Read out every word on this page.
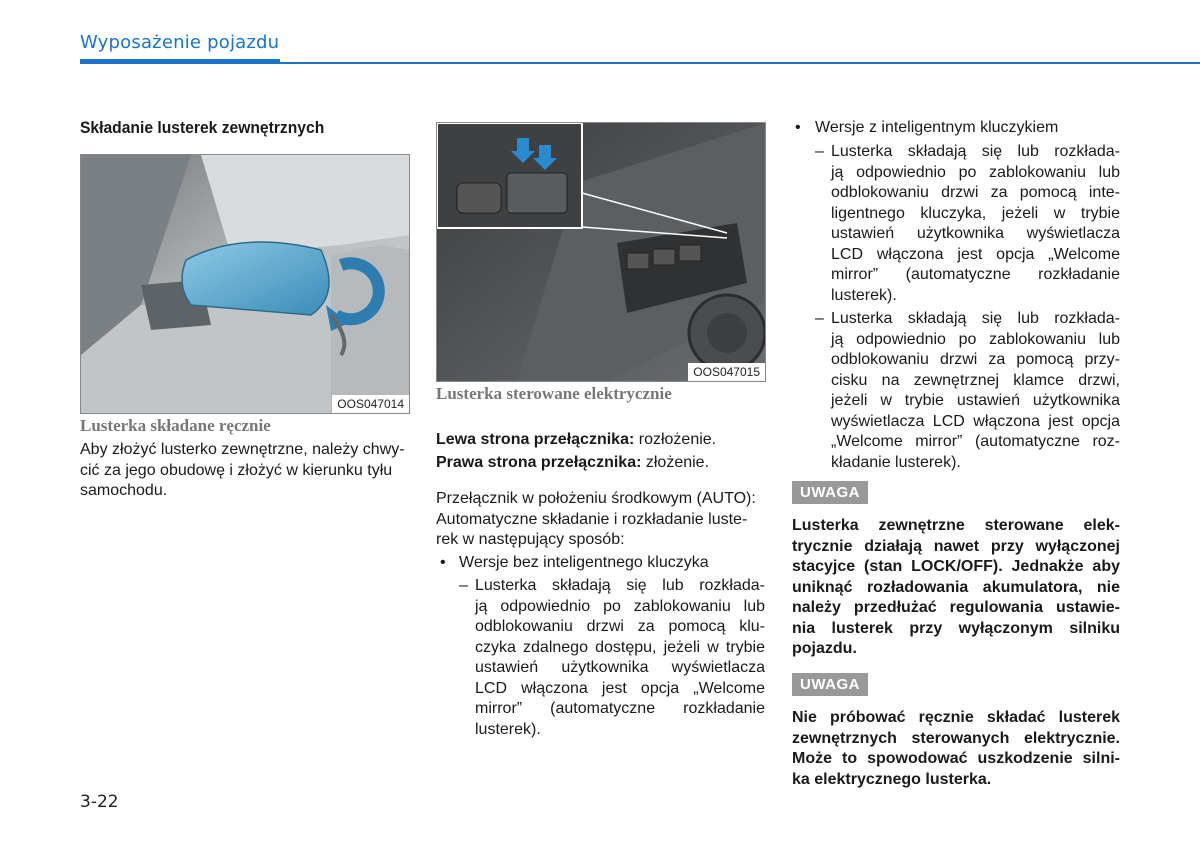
Wyposażenie pojazdu
Składanie lusterek zewnętrznych
OOS047014
Lusterka składane ręcznie
Aby złożyć lusterko zewnętrzne, należy chwy-
cić za jego obudowę i złożyć w kierunku tyłu
samochodu.
OOS047015
Lusterka sterowane elektrycznie
Lewa strona przełącznika: rozłożenie.
Prawa strona przełącznika: złożenie.
Przełącznik w położeniu środkowym (AUTO):
Automatyczne składanie i rozkładanie luste-
rek w następujący sposób:
• Wersje bez inteligentnego kluczyka
– Lusterka składają się lub rozkłada-
ją odpowiednio po zablokowaniu lub
odblokowaniu drzwi za pomocą klu-
czyka zdalnego dostępu, jeżeli w trybie
ustawień użytkownika wyświetlacza
LCD włączona jest opcja „Welcome
mirror” (automatyczne rozkładanie
lusterek).
• Wersje z inteligentnym kluczykiem
– Lusterka składają się lub rozkłada-
ją odpowiednio po zablokowaniu lub
odblokowaniu drzwi za pomocą inte-
ligentnego kluczyka, jeżeli w trybie
ustawień użytkownika wyświetlacza
LCD włączona jest opcja „Welcome
mirror” (automatyczne rozkładanie
lusterek).
– Lusterka składają się lub rozkłada-
ją odpowiednio po zablokowaniu lub
odblokowaniu drzwi za pomocą przy-
cisku na zewnętrznej klamce drzwi,
jeżeli w trybie ustawień użytkownika
wyświetlacza LCD włączona jest opcja
„Welcome mirror” (automatyczne roz-
kładanie lusterek).
UWAGA
Lusterka zewnętrzne sterowane elek-
trycznie działają nawet przy wyłączonej
stacyjce (stan LOCK/OFF). Jednakże aby
uniknąć rozładowania akumulatora, nie
należy przedłużać regulowania ustawie-
nia lusterek przy wyłączonym silniku
pojazdu.
UWAGA
Nie próbować ręcznie składać lusterek
zewnętrznych sterowanych elektrycznie.
Może to spowodować uszkodzenie silni-
ka elektrycznego lusterka.
3-22
